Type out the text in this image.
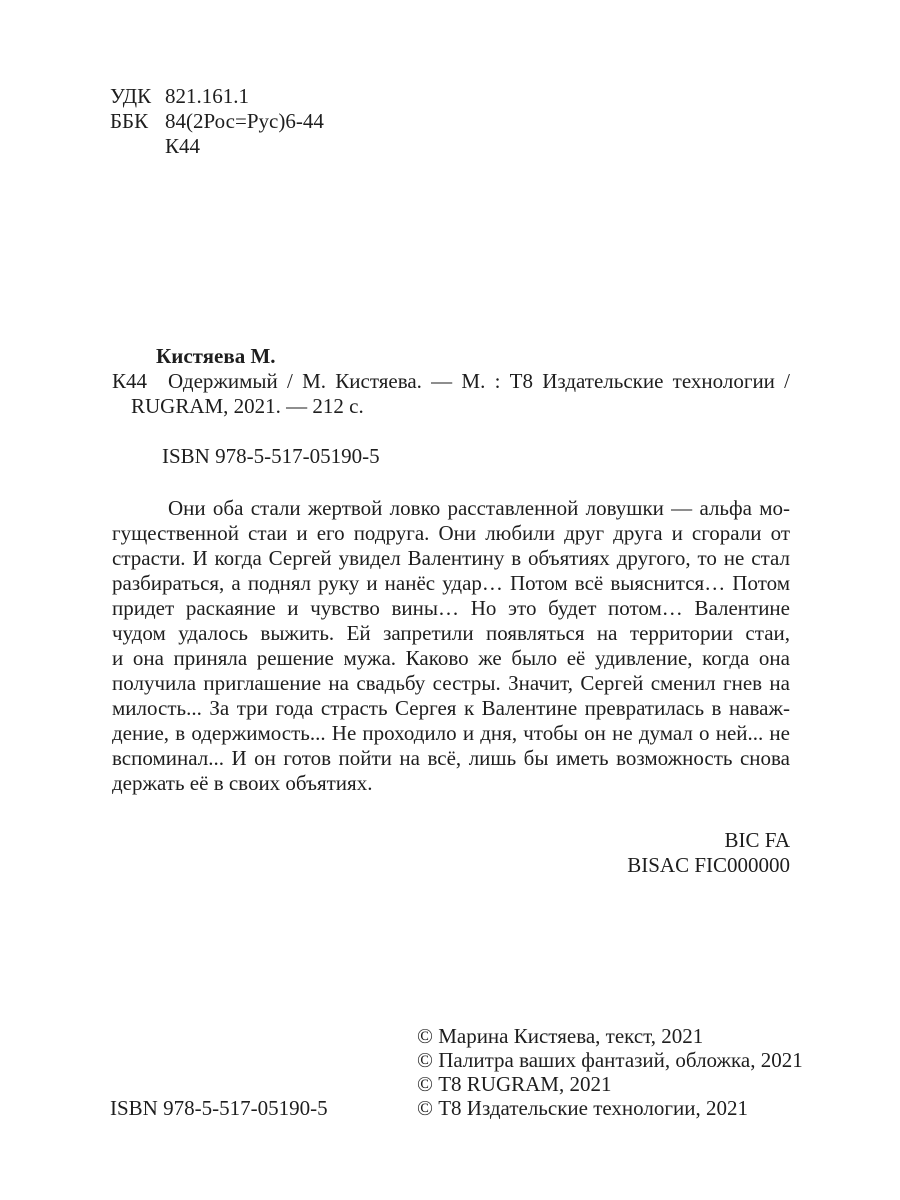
УДК 821.161.1
ББК 84(2Рос=Рус)6-44
К44
Кистяева М.
К44 Одержимый / М. Кистяева. — М. : Т8 Издательские технологии /
RUGRAM, 2021. — 212 с.
ISBN 978-5-517-05190-5
Они оба стали жертвой ловко расставленной ловушки — альфа мо-
гущественной стаи и его подруга. Они любили друг друга и сгорали от
страсти. И когда Сергей увидел Валентину в объятиях другого, то не стал
разбираться, а поднял руку и нанёс удар… Потом всё выяснится… Потом
придет раскаяние и чувство вины… Но это будет потом… Валентине
чудом удалось выжить. Ей запретили появляться на территории стаи,
и она приняла решение мужа. Каково же было её удивление, когда она
получила приглашение на свадьбу сестры. Значит, Сергей сменил гнев на
милость... За три года страсть Сергея к Валентине превратилась в наваж-
дение, в одержимость... Не проходило и дня, чтобы он не думал о ней... не
вспоминал... И он готов пойти на всё, лишь бы иметь возможность снова
держать её в своих объятиях.
BIC FA
BISAC FIC000000
ISBN 978-5-517-05190-5
© Марина Кистяева, текст, 2021
© Палитра ваших фантазий, обложка, 2021
© Т8 RUGRAM, 2021
© Т8 Издательские технологии, 2021
